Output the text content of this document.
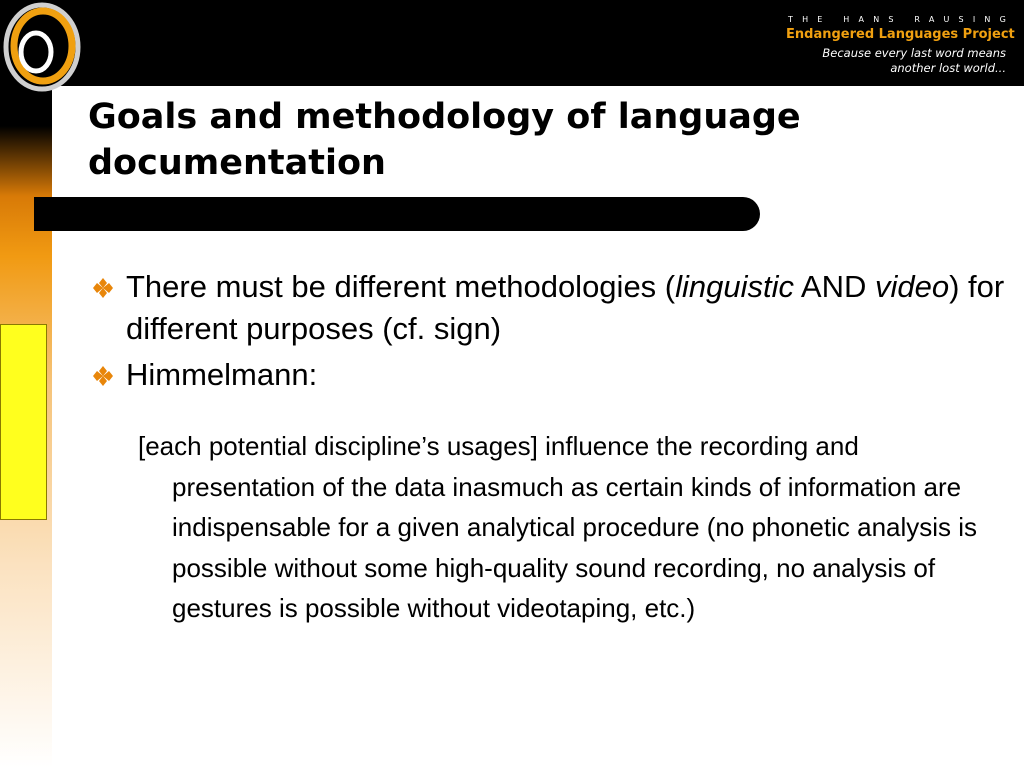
THE HANS RAUSING
Endangered Languages Project
Because every last word means
another lost world...
Goals and methodology of language documentation
There must be different methodologies (linguistic AND video) for different purposes (cf. sign)
Himmelmann:

[each potential discipline’s usages] influence the recording and presentation of the data inasmuch as certain kinds of information are indispensable for a given analytical procedure (no phonetic analysis is possible without some high-quality sound recording, no analysis of gestures is possible without videotaping, etc.)
